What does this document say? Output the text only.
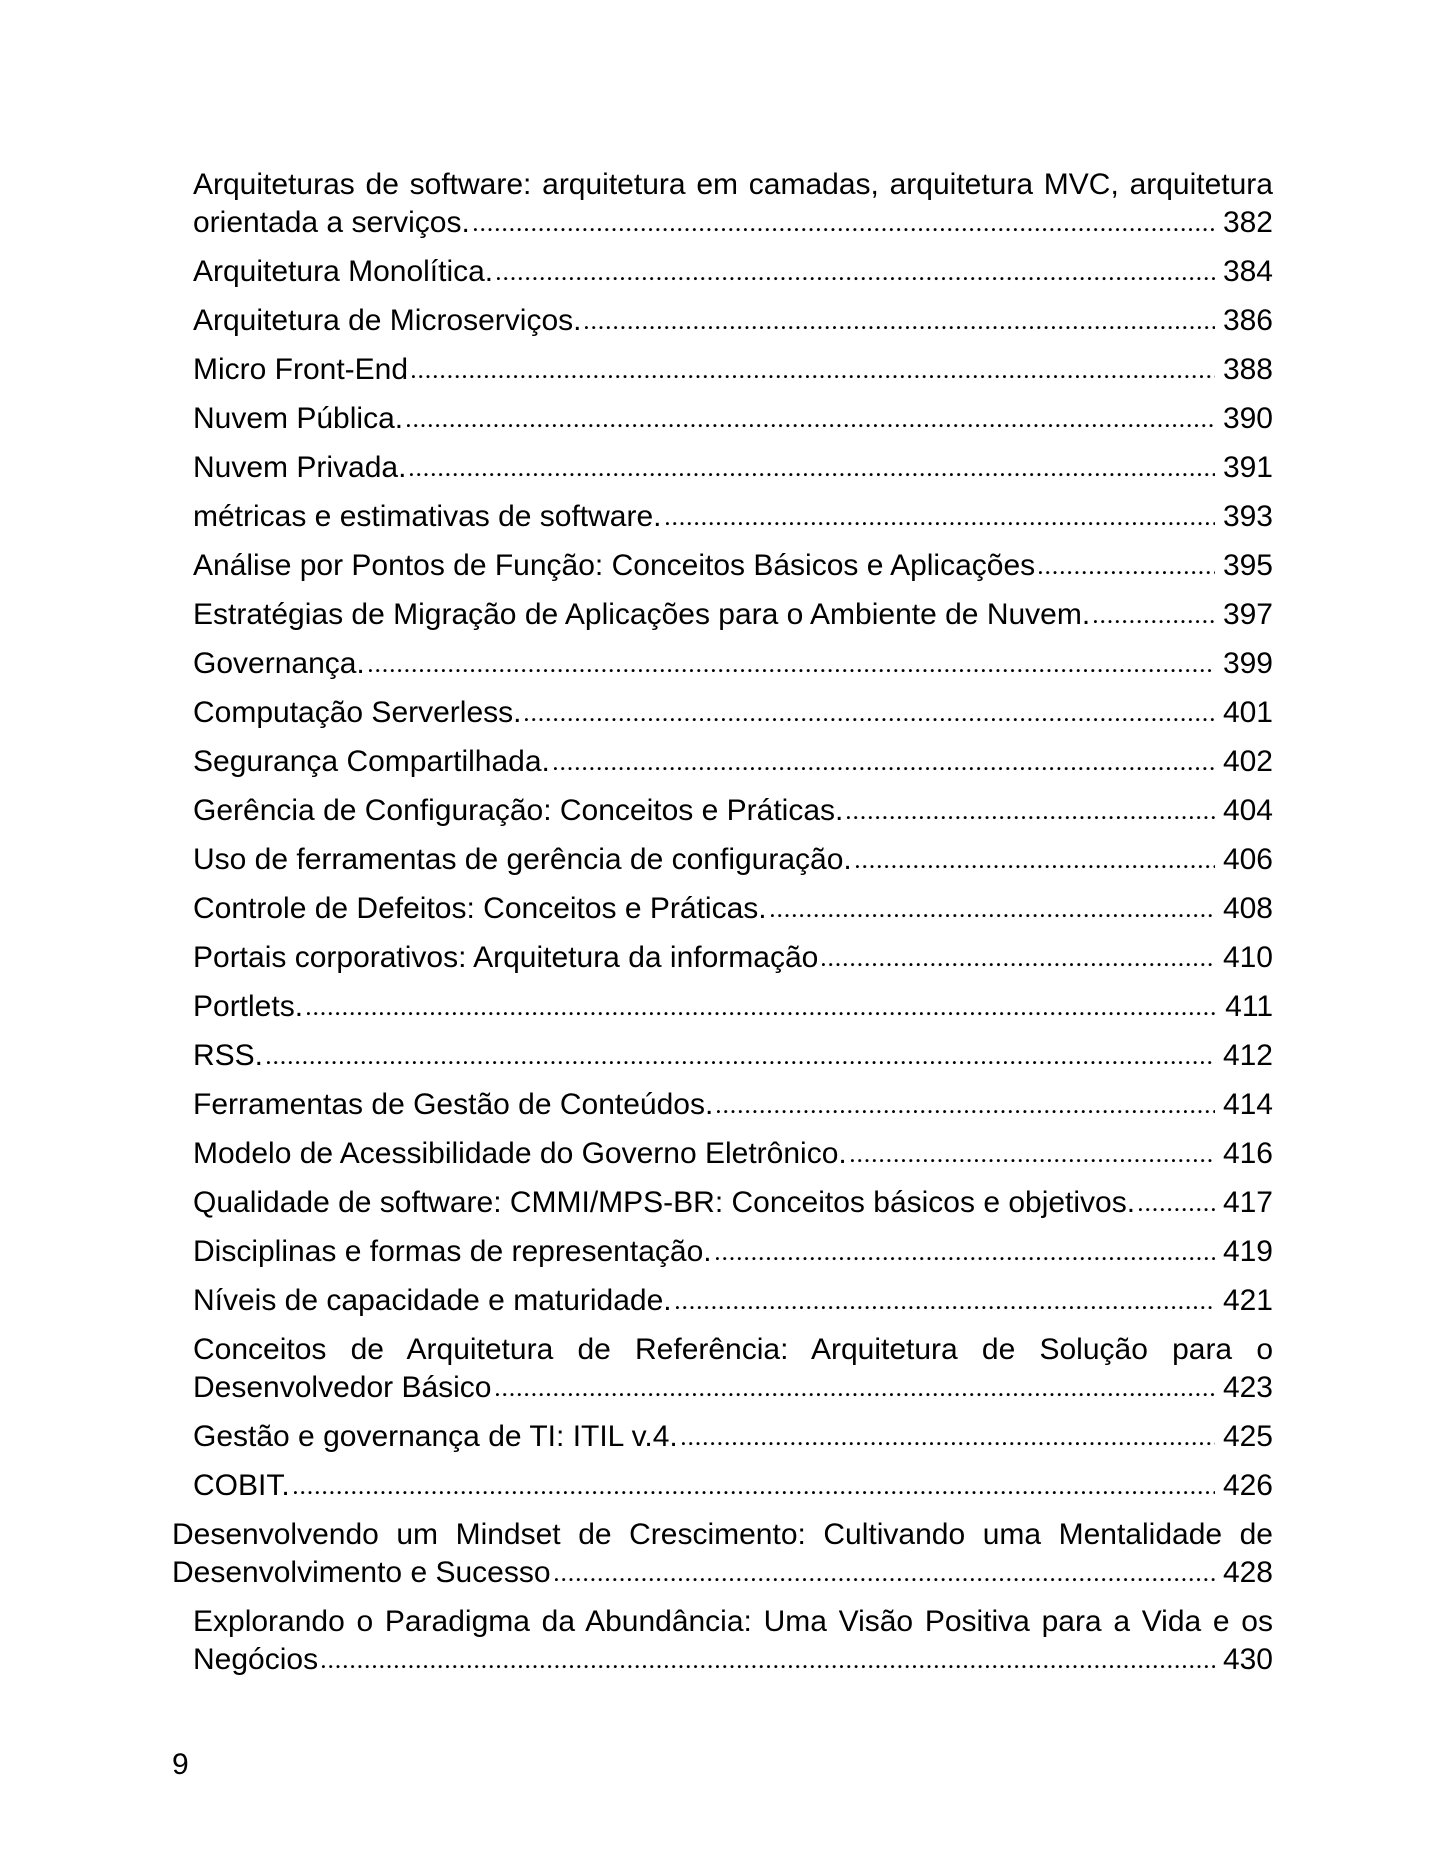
Arquiteturas de software: arquitetura em camadas, arquitetura MVC, arquitetura
orientada a serviços.	382
Arquitetura Monolítica.	384
Arquitetura de Microserviços.	386
Micro Front-End	388
Nuvem Pública.	390
Nuvem Privada.	391
métricas e estimativas de software.	393
Análise por Pontos de Função: Conceitos Básicos e Aplicações	395
Estratégias de Migração de Aplicações para o Ambiente de Nuvem.	397
Governança.	399
Computação Serverless.	401
Segurança Compartilhada.	402
Gerência de Configuração: Conceitos e Práticas.	404
Uso de ferramentas de gerência de configuração.	406
Controle de Defeitos: Conceitos e Práticas.	408
Portais corporativos: Arquitetura da informação	410
Portlets.	411
RSS.	412
Ferramentas de Gestão de Conteúdos.	414
Modelo de Acessibilidade do Governo Eletrônico.	416
Qualidade de software: CMMI/MPS-BR: Conceitos básicos e objetivos.	417
Disciplinas e formas de representação.	419
Níveis de capacidade e maturidade.	421
Conceitos de Arquitetura de Referência: Arquitetura de Solução para o
Desenvolvedor Básico	423
Gestão e governança de TI: ITIL v.4.	425
COBIT.	426
Desenvolvendo um Mindset de Crescimento: Cultivando uma Mentalidade de
Desenvolvimento e Sucesso	428
Explorando o Paradigma da Abundância: Uma Visão Positiva para a Vida e os
Negócios	430
9
